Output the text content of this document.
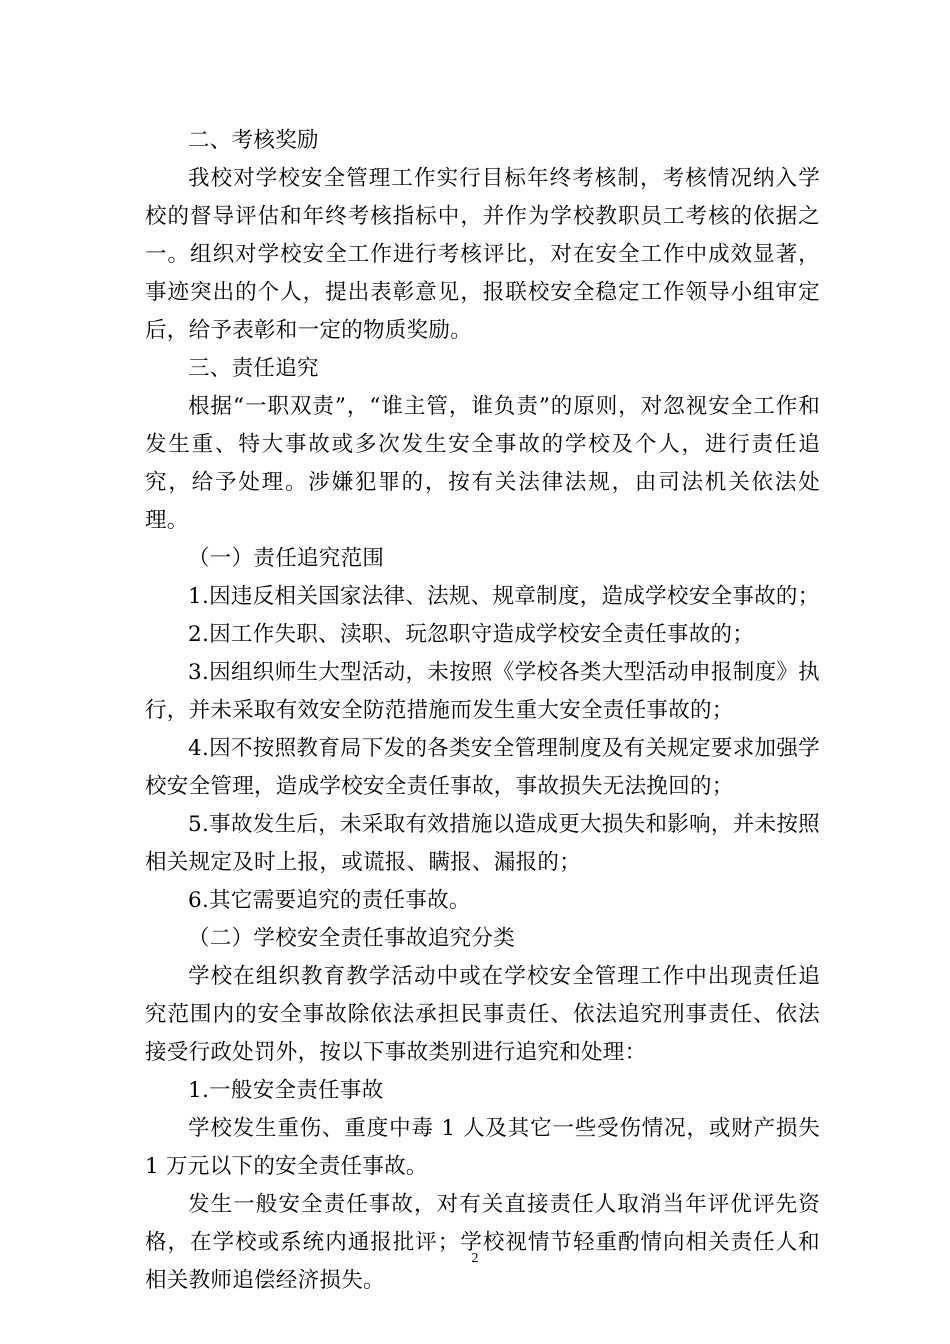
二、考核奖励

我校对学校安全管理工作实行目标年终考核制，考核情况纳入学校的督导评估和年终考核指标中，并作为学校教职员工考核的依据之一。组织对学校安全工作进行考核评比，对在安全工作中成效显著，事迹突出的个人，提出表彰意见，报联校安全稳定工作领导小组审定后，给予表彰和一定的物质奖励。

三、责任追究

根据“一职双责”，“谁主管，谁负责”的原则，对忽视安全工作和发生重、特大事故或多次发生安全事故的学校及个人，进行责任追究，给予处理。涉嫌犯罪的，按有关法律法规，由司法机关依法处理。

（一）责任追究范围

1.因违反相关国家法律、法规、规章制度，造成学校安全事故的；

2.因工作失职、渎职、玩忽职守造成学校安全责任事故的；

3.因组织师生大型活动，未按照《学校各类大型活动申报制度》执行，并未采取有效安全防范措施而发生重大安全责任事故的；

4.因不按照教育局下发的各类安全管理制度及有关规定要求加强学校安全管理，造成学校安全责任事故，事故损失无法挽回的；

5.事故发生后，未采取有效措施以造成更大损失和影响，并未按照相关规定及时上报，或谎报、瞒报、漏报的；

6.其它需要追究的责任事故。

（二）学校安全责任事故追究分类

学校在组织教育教学活动中或在学校安全管理工作中出现责任追究范围内的安全事故除依法承担民事责任、依法追究刑事责任、依法接受行政处罚外，按以下事故类别进行追究和处理：

1.一般安全责任事故

学校发生重伤、重度中毒 1 人及其它一些受伤情况，或财产损失 1 万元以下的安全责任事故。

发生一般安全责任事故，对有关直接责任人取消当年评优评先资格，在学校或系统内通报批评；学校视情节轻重酌情向相关责任人和相关教师追偿经济损失。

2
